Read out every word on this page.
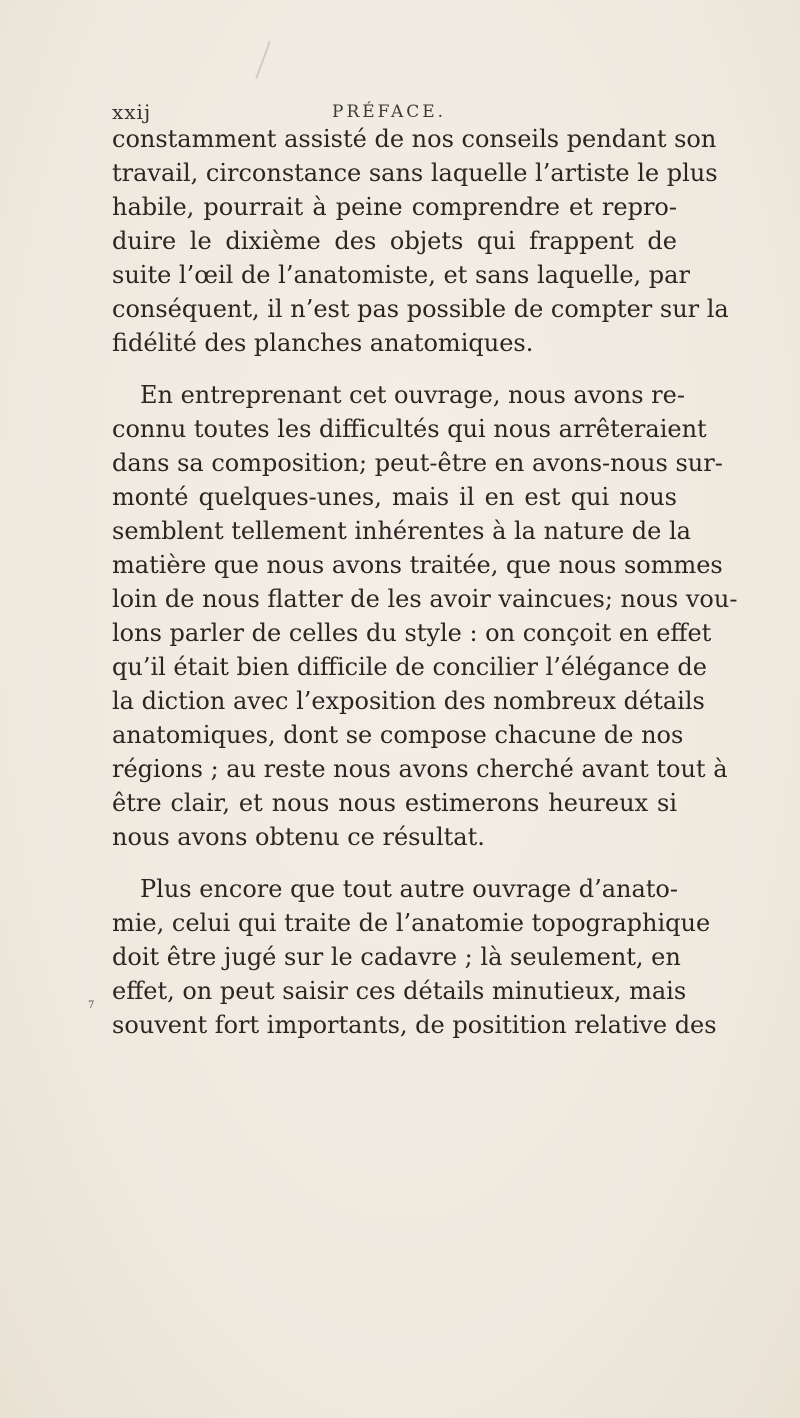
xxij	PRÉFACE.
constamment assisté de nos conseils pendant son
travail, circonstance sans laquelle l’artiste le plus
habile, pourrait à peine comprendre et repro-
duire le dixième des objets qui frappent de
suite l’œil de l’anatomiste, et sans laquelle, par
conséquent, il n’est pas possible de compter sur la
fidélité des planches anatomiques.
En entreprenant cet ouvrage, nous avons re-
connu toutes les difficultés qui nous arrêteraient
dans sa composition; peut-être en avons-nous sur-
monté quelques-unes, mais il en est qui nous
semblent tellement inhérentes à la nature de la
matière que nous avons traitée, que nous sommes
loin de nous flatter de les avoir vaincues; nous vou-
lons parler de celles du style : on conçoit en effet
qu’il était bien difficile de concilier l’élégance de
la diction avec l’exposition des nombreux détails
anatomiques, dont se compose chacune de nos
régions ; au reste nous avons cherché avant tout à
être clair, et nous nous estimerons heureux si
nous avons obtenu ce résultat.
Plus encore que tout autre ouvrage d’anato-
mie, celui qui traite de l’anatomie topographique
doit être jugé sur le cadavre ; là seulement, en
effet, on peut saisir ces détails minutieux, mais
souvent fort importants, de positition relative des
7
